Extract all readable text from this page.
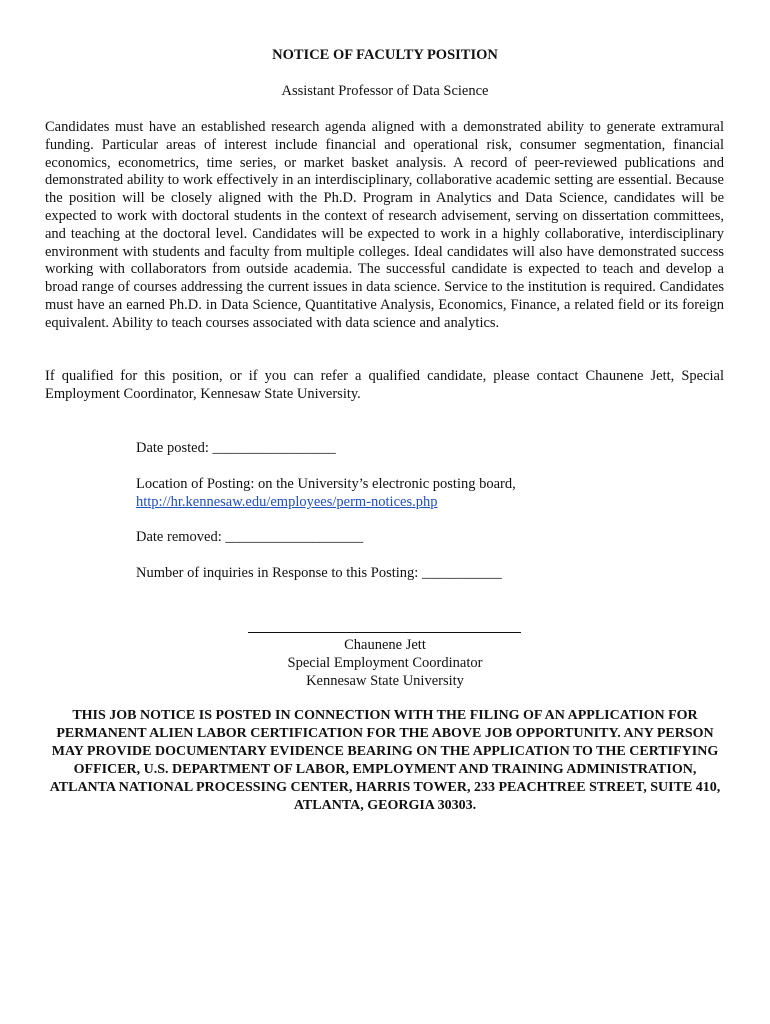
NOTICE OF FACULTY POSITION
Assistant Professor of Data Science

Candidates must have an established research agenda aligned with a demonstrated ability to generate extramural funding. Particular areas of interest include financial and operational risk, consumer segmentation, financial economics, econometrics, time series, or market basket analysis. A record of peer-reviewed publications and demonstrated ability to work effectively in an interdisciplinary, collaborative academic setting are essential. Because the position will be closely aligned with the Ph.D. Program in Analytics and Data Science, candidates will be expected to work with doctoral students in the context of research advisement, serving on dissertation committees, and teaching at the doctoral level. Candidates will be expected to work in a highly collaborative, interdisciplinary environment with students and faculty from multiple colleges. Ideal candidates will also have demonstrated success working with collaborators from outside academia. The successful candidate is expected to teach and develop a broad range of courses addressing the current issues in data science. Service to the institution is required. Candidates must have an earned Ph.D. in Data Science, Quantitative Analysis, Economics, Finance, a related field or its foreign equivalent. Ability to teach courses associated with data science and analytics.

If qualified for this position, or if you can refer a qualified candidate, please contact Chaunene Jett, Special Employment Coordinator, Kennesaw State University.

Date posted: _________________
Location of Posting: on the University’s electronic posting board,
http://hr.kennesaw.edu/employees/perm-notices.php
Date removed: ___________________
Number of inquiries in Response to this Posting: ___________
Chaunene Jett
Special Employment Coordinator
Kennesaw State University
THIS JOB NOTICE IS POSTED IN CONNECTION WITH THE FILING OF AN APPLICATION FOR PERMANENT ALIEN LABOR CERTIFICATION FOR THE ABOVE JOB OPPORTUNITY. ANY PERSON MAY PROVIDE DOCUMENTARY EVIDENCE BEARING ON THE APPLICATION TO THE CERTIFYING OFFICER, U.S. DEPARTMENT OF LABOR, EMPLOYMENT AND TRAINING ADMINISTRATION, ATLANTA NATIONAL PROCESSING CENTER, HARRIS TOWER, 233 PEACHTREE STREET, SUITE 410, ATLANTA, GEORGIA 30303.
